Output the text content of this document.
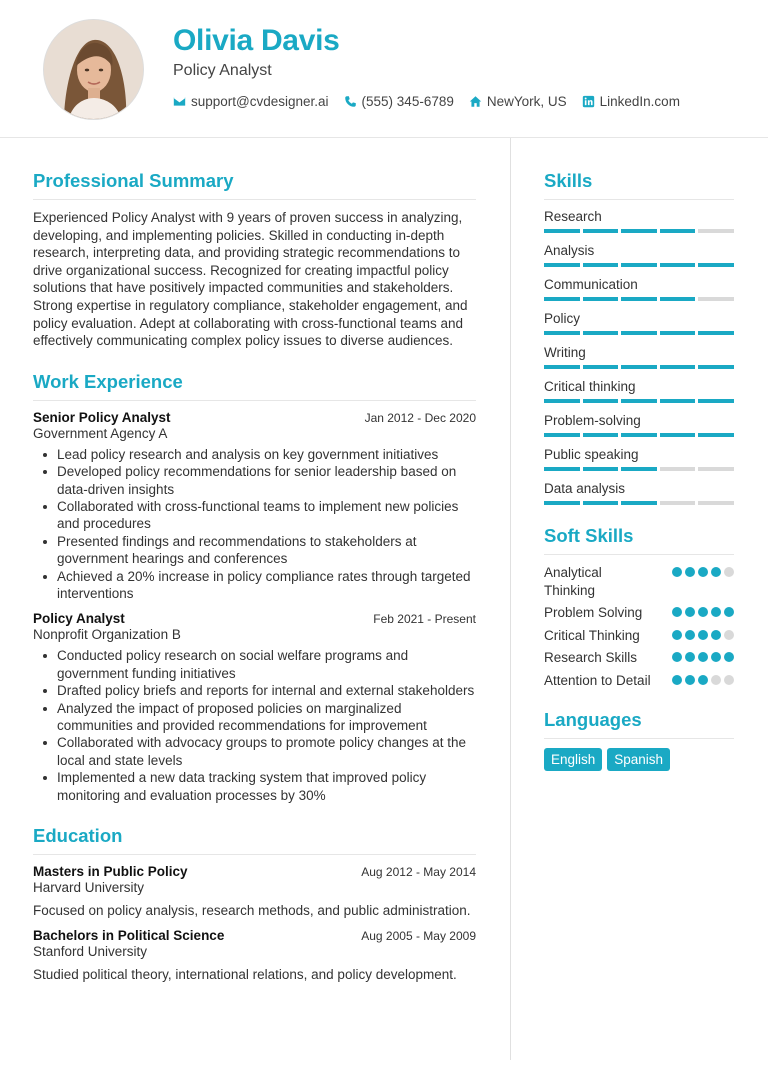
Olivia Davis
Policy Analyst
support@cvdesigner.ai (555) 345-6789 NewYork, US LinkedIn.com
Professional Summary
Experienced Policy Analyst with 9 years of proven success in analyzing, developing, and implementing policies. Skilled in conducting in-depth research, interpreting data, and providing strategic recommendations to drive organizational success. Recognized for creating impactful policy solutions that have positively impacted communities and stakeholders. Strong expertise in regulatory compliance, stakeholder engagement, and policy evaluation. Adept at collaborating with cross-functional teams and effectively communicating complex policy issues to diverse audiences.
Work Experience
Senior Policy Analyst	Jan 2012 - Dec 2020
Government Agency A
Lead policy research and analysis on key government initiatives
Developed policy recommendations for senior leadership based on data-driven insights
Collaborated with cross-functional teams to implement new policies and procedures
Presented findings and recommendations to stakeholders at government hearings and conferences
Achieved a 20% increase in policy compliance rates through targeted interventions
Policy Analyst	Feb 2021 - Present
Nonprofit Organization B
Conducted policy research on social welfare programs and government funding initiatives
Drafted policy briefs and reports for internal and external stakeholders
Analyzed the impact of proposed policies on marginalized communities and provided recommendations for improvement
Collaborated with advocacy groups to promote policy changes at the local and state levels
Implemented a new data tracking system that improved policy monitoring and evaluation processes by 30%
Education
Masters in Public Policy	Aug 2012 - May 2014
Harvard University
Focused on policy analysis, research methods, and public administration.
Bachelors in Political Science	Aug 2005 - May 2009
Stanford University
Studied political theory, international relations, and policy development.
Skills
Research
Analysis
Communication
Policy
Writing
Critical thinking
Problem-solving
Public speaking
Data analysis
Soft Skills
Analytical Thinking
Problem Solving
Critical Thinking
Research Skills
Attention to Detail
Languages
English	Spanish
